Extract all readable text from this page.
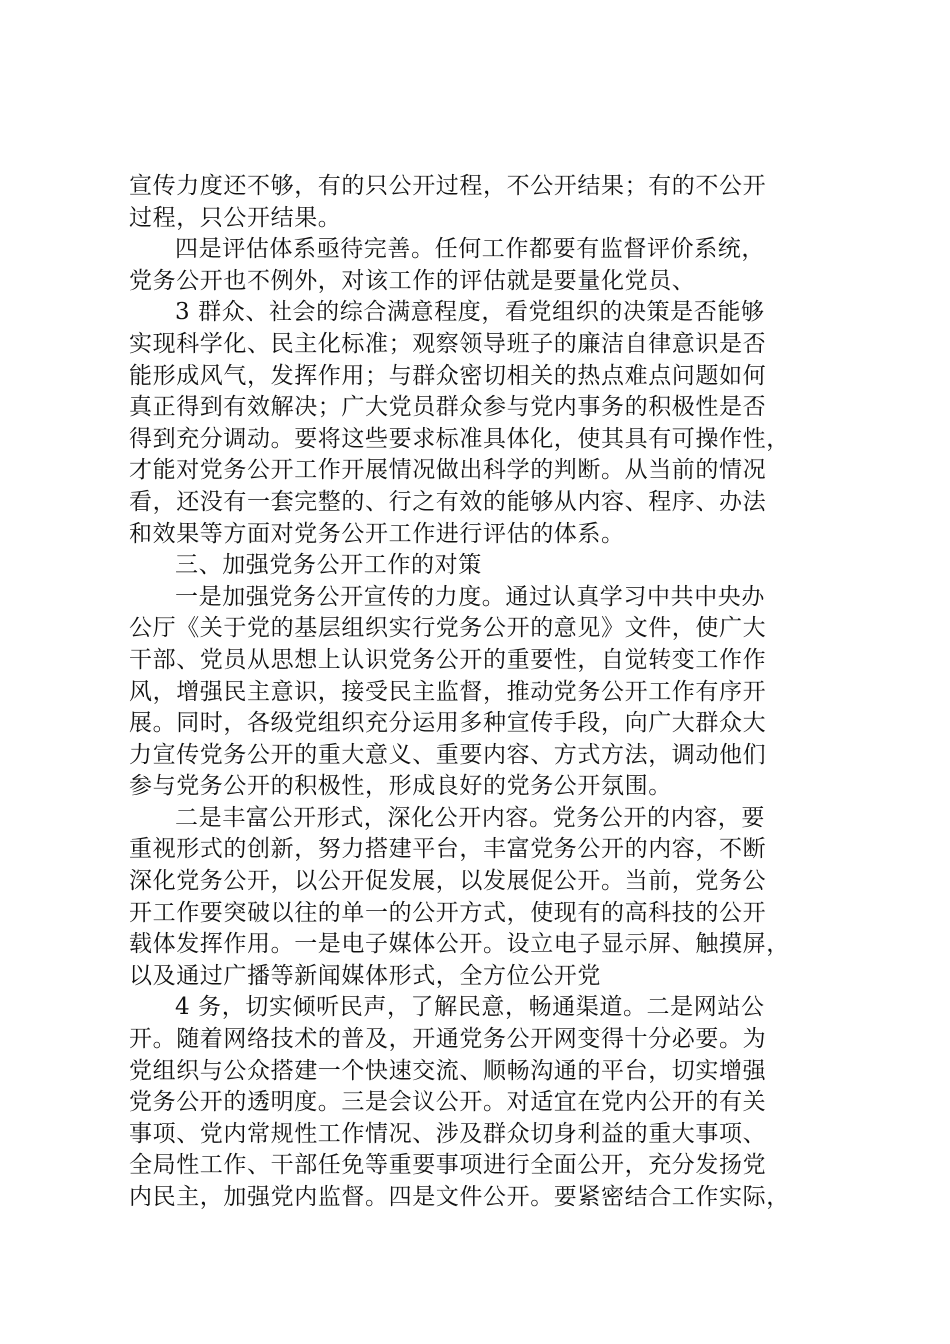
宣传力度还不够，有的只公开过程，不公开结果；有的不公开

过程，只公开结果。

四是评估体系亟待完善。任何工作都要有监督评价系统，

党务公开也不例外，对该工作的评估就是要量化党员、

3 群众、社会的综合满意程度，看党组织的决策是否能够

实现科学化、民主化标准；观察领导班子的廉洁自律意识是否

能形成风气，发挥作用；与群众密切相关的热点难点问题如何

真正得到有效解决；广大党员群众参与党内事务的积极性是否

得到充分调动。要将这些要求标准具体化，使其具有可操作性，

才能对党务公开工作开展情况做出科学的判断。从当前的情况

看，还没有一套完整的、行之有效的能够从内容、程序、办法

和效果等方面对党务公开工作进行评估的体系。

三、加强党务公开工作的对策

一是加强党务公开宣传的力度。通过认真学习中共中央办

公厅《关于党的基层组织实行党务公开的意见》文件，使广大

干部、党员从思想上认识党务公开的重要性，自觉转变工作作

风，增强民主意识，接受民主监督，推动党务公开工作有序开

展。同时，各级党组织充分运用多种宣传手段，向广大群众大

力宣传党务公开的重大意义、重要内容、方式方法，调动他们

参与党务公开的积极性，形成良好的党务公开氛围。

二是丰富公开形式，深化公开内容。党务公开的内容，要

重视形式的创新，努力搭建平台，丰富党务公开的内容，不断

深化党务公开，以公开促发展，以发展促公开。当前，党务公

开工作要突破以往的单一的公开方式，使现有的高科技的公开

载体发挥作用。一是电子媒体公开。设立电子显示屏、触摸屏，

以及通过广播等新闻媒体形式，全方位公开党

4 务，切实倾听民声，了解民意，畅通渠道。二是网站公

开。随着网络技术的普及，开通党务公开网变得十分必要。为

党组织与公众搭建一个快速交流、顺畅沟通的平台，切实增强

党务公开的透明度。三是会议公开。对适宜在党内公开的有关

事项、党内常规性工作情况、涉及群众切身利益的重大事项、

全局性工作、干部任免等重要事项进行全面公开，充分发扬党

内民主，加强党内监督。四是文件公开。要紧密结合工作实际，
